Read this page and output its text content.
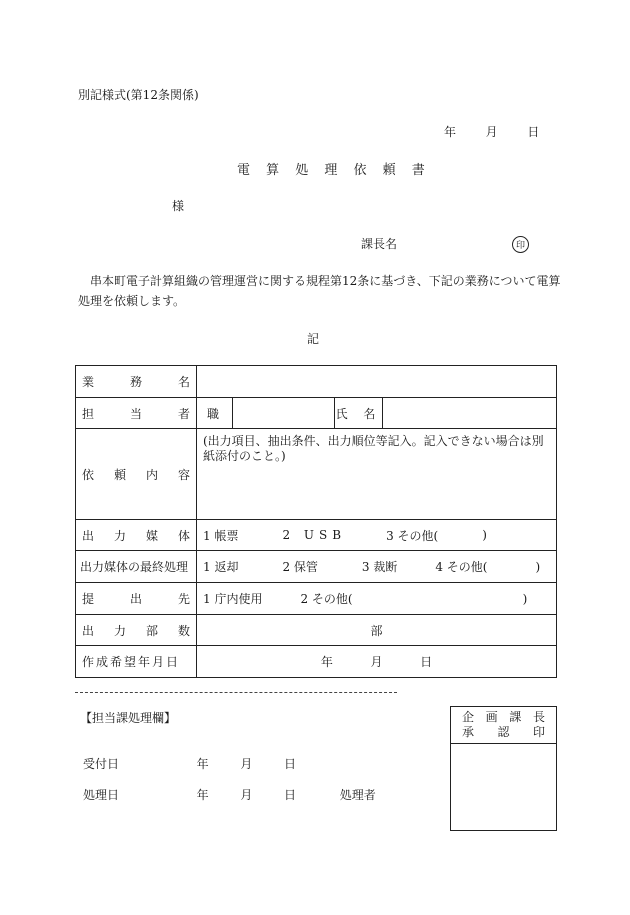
別記様式(第12条関係)
年 月 日
電 算 処 理 依 頼 書
様
課長名	印
串本町電子計算組織の管理運営に関する規程第12条に基づき、下記の業務について電算
処理を依頼します。
記
業 務 名				

担 当 者	職		氏 名	

依 頼 内 容	(出力項目、抽出条件、出力順位等記入。記入できない場合は別紙添付のこと。)			

出 力 媒 体	1 帳票 2 USB 3 その他( )			

出力媒体の最終処理	1 返却 2 保管 3 裁断 4 その他( )			

提 出 先	1 庁内使用 2 その他( )			

出 力 部 数	部			
作成希望年月日	年 月 日			
【担当課処理欄】
受付日	年	月	日
処理日	年	月	日	処理者
企 画 課 長
承 認 印
